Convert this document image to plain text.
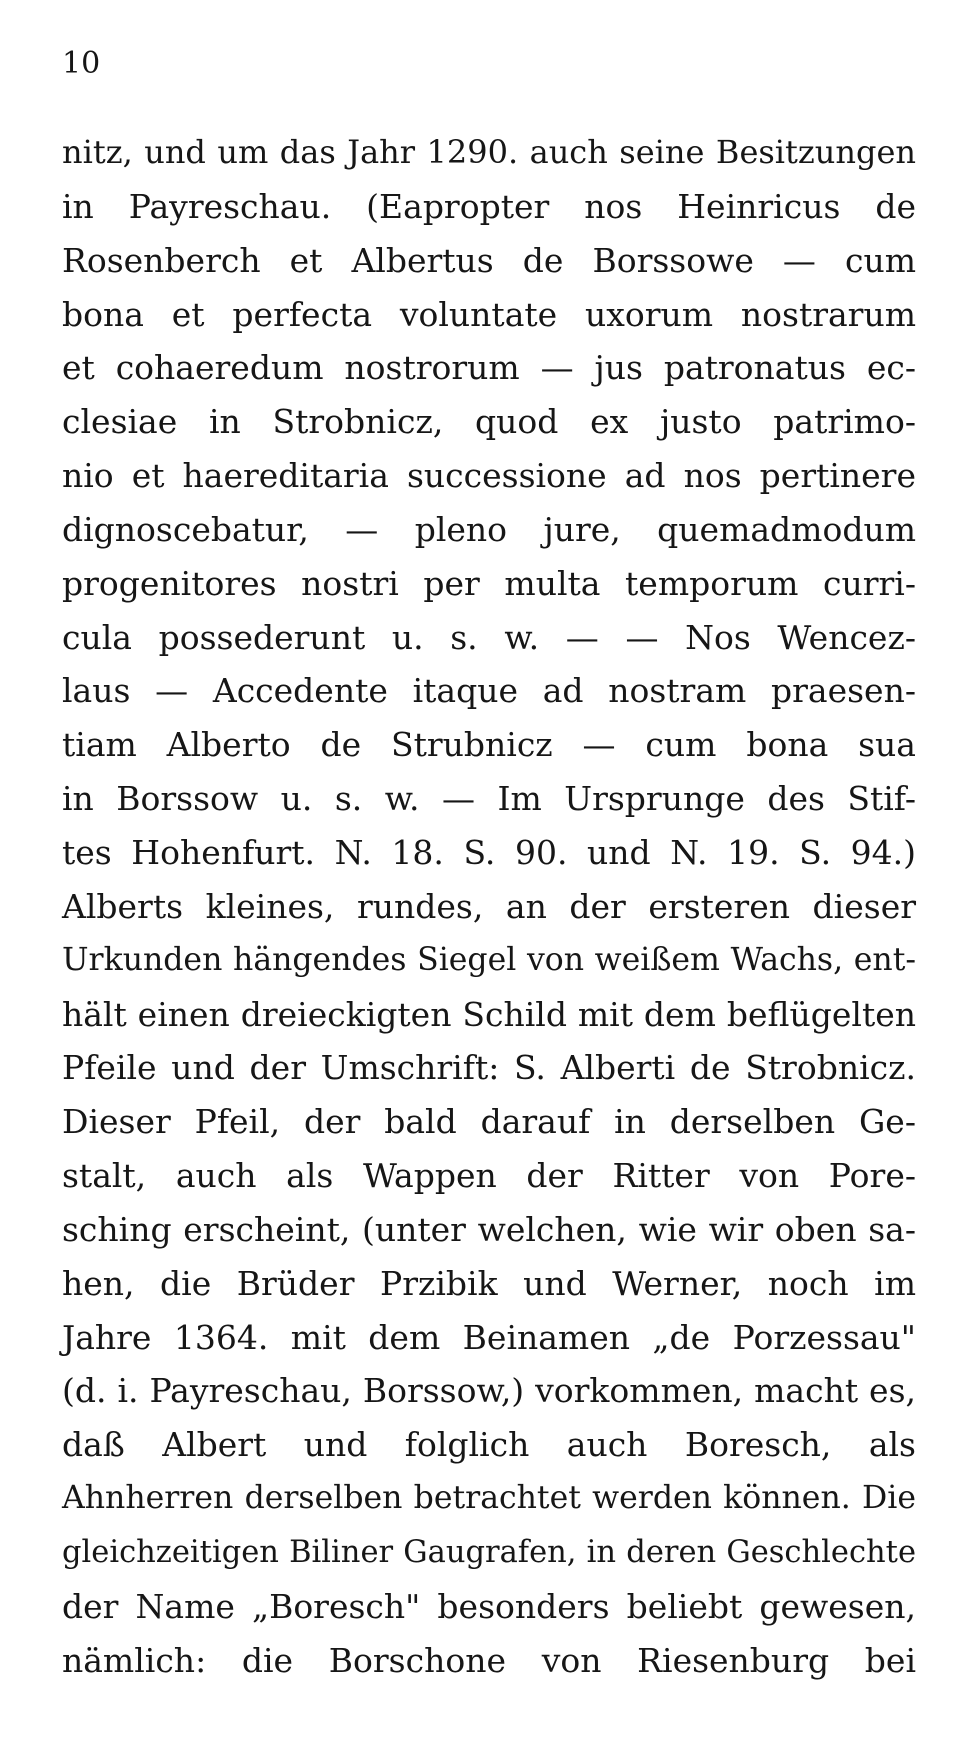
10
nitz, und um das Jahr 1290. auch seine Besitzungen
in Payreschau. (Eapropter nos Heinricus de
Rosenberch et Albertus de Borssowe — cum
bona et perfecta voluntate uxorum nostrarum
et cohaeredum nostrorum — jus patronatus ec-
clesiae in Strobnicz, quod ex justo patrimo-
nio et haereditaria successione ad nos pertinere
dignoscebatur, — pleno jure, quemadmodum
progenitores nostri per multa temporum curri-
cula possederunt u. s. w. — — Nos Wencez-
laus — Accedente itaque ad nostram praesen-
tiam Alberto de Strubnicz — cum bona sua
in Borssow u. s. w. — Im Ursprunge des Stif-
tes Hohenfurt. N. 18. S. 90. und N. 19. S. 94.)
Alberts kleines, rundes, an der ersteren dieser
Urkunden hängendes Siegel von weißem Wachs, ent-
hält einen dreieckigten Schild mit dem beflügelten
Pfeile und der Umschrift: S. Alberti de Strobnicz.
Dieser Pfeil, der bald darauf in derselben Ge-
stalt, auch als Wappen der Ritter von Pore-
sching erscheint, (unter welchen, wie wir oben sa-
hen, die Brüder Przibik und Werner, noch im
Jahre 1364. mit dem Beinamen „de Porzessau"
(d. i. Payreschau, Borssow,) vorkommen, macht es,
daß Albert und folglich auch Boresch, als
Ahnherren derselben betrachtet werden können. Die
gleichzeitigen Biliner Gaugrafen, in deren Geschlechte
der Name „Boresch" besonders beliebt gewesen,
nämlich: die Borschone von Riesenburg bei
